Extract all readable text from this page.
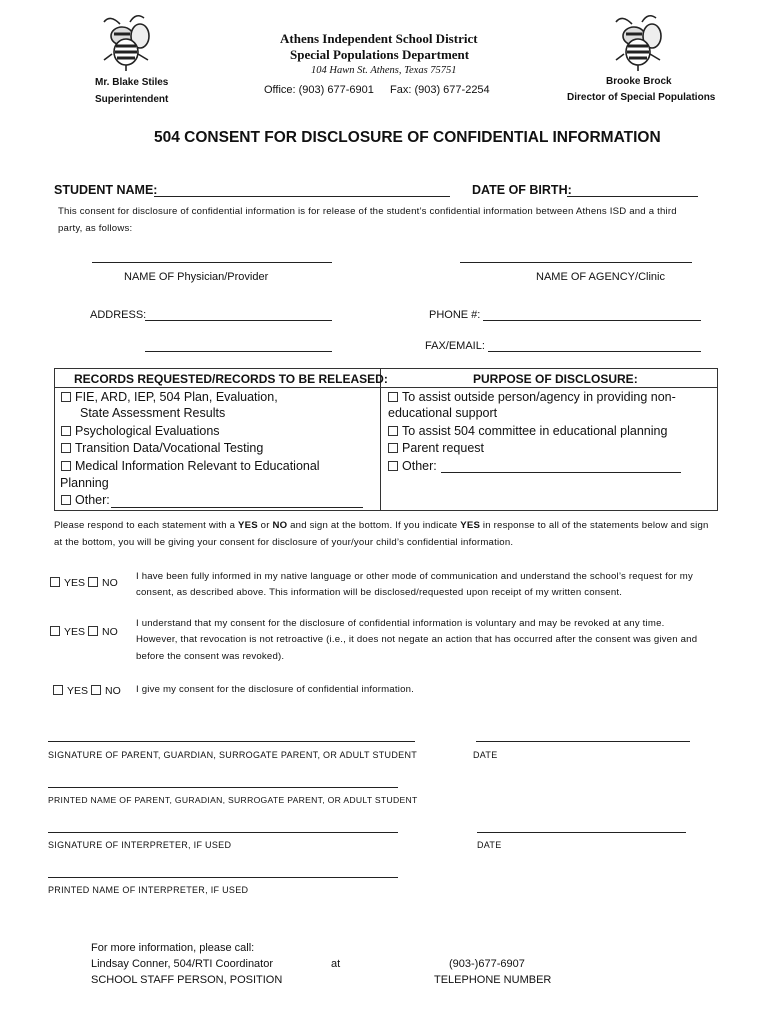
Athens Independent School District
Special Populations Department
104 Hawn St. Athens, Texas 75751
Office: (903) 677-6901 Fax: (903) 677-2254
Mr. Blake Stiles
Superintendent
Brooke Brock
Director of Special Populations
504 CONSENT FOR DISCLOSURE OF CONFIDENTIAL INFORMATION
STUDENT NAME:	DATE OF BIRTH:
This consent for disclosure of confidential information is for release of the student’s confidential information between Athens ISD and a third
party, as follows:
NAME OF Physician/Provider	NAME OF AGENCY/Clinic
ADDRESS:	PHONE #:
FAX/EMAIL:
RECORDS REQUESTED/RECORDS TO BE RELEASED:	PURPOSE OF DISCLOSURE:
FIE, ARD, IEP, 504 Plan, Evaluation,
State Assessment Results
Psychological Evaluations
Transition Data/Vocational Testing
Medical Information Relevant to Educational
Planning
Other:
To assist outside person/agency in providing non-
educational support
To assist 504 committee in educational planning
Parent request
Other:
Please respond to each statement with a YES or NO and sign at the bottom. If you indicate YES in response to all of the statements below and sign
at the bottom, you will be giving your consent for disclosure of your/your child’s confidential information.
YES	NO
I have been fully informed in my native language or other mode of communication and understand the school’s request for my
consent, as described above. This information will be disclosed/requested upon receipt of my written consent.
YES	NO
I understand that my consent for the disclosure of confidential information is voluntary and may be revoked at any time.
However, that revocation is not retroactive (i.e., it does not negate an action that has occurred after the consent was given and
before the consent was revoked).
YES	NO I give my consent for the disclosure of confidential information.
SIGNATURE OF PARENT, GUARDIAN, SURROGATE PARENT, OR ADULT STUDENT	DATE
PRINTED NAME OF PARENT, GURADIAN, SURROGATE PARENT, OR ADULT STUDENT
SIGNATURE OF INTERPRETER, IF USED	DATE
PRINTED NAME OF INTERPRETER, IF USED
For more information, please call:
Lindsay Conner, 504/RTI Coordinator	at	(903-)677-6907
SCHOOL STAFF PERSON, POSITION	TELEPHONE NUMBER
